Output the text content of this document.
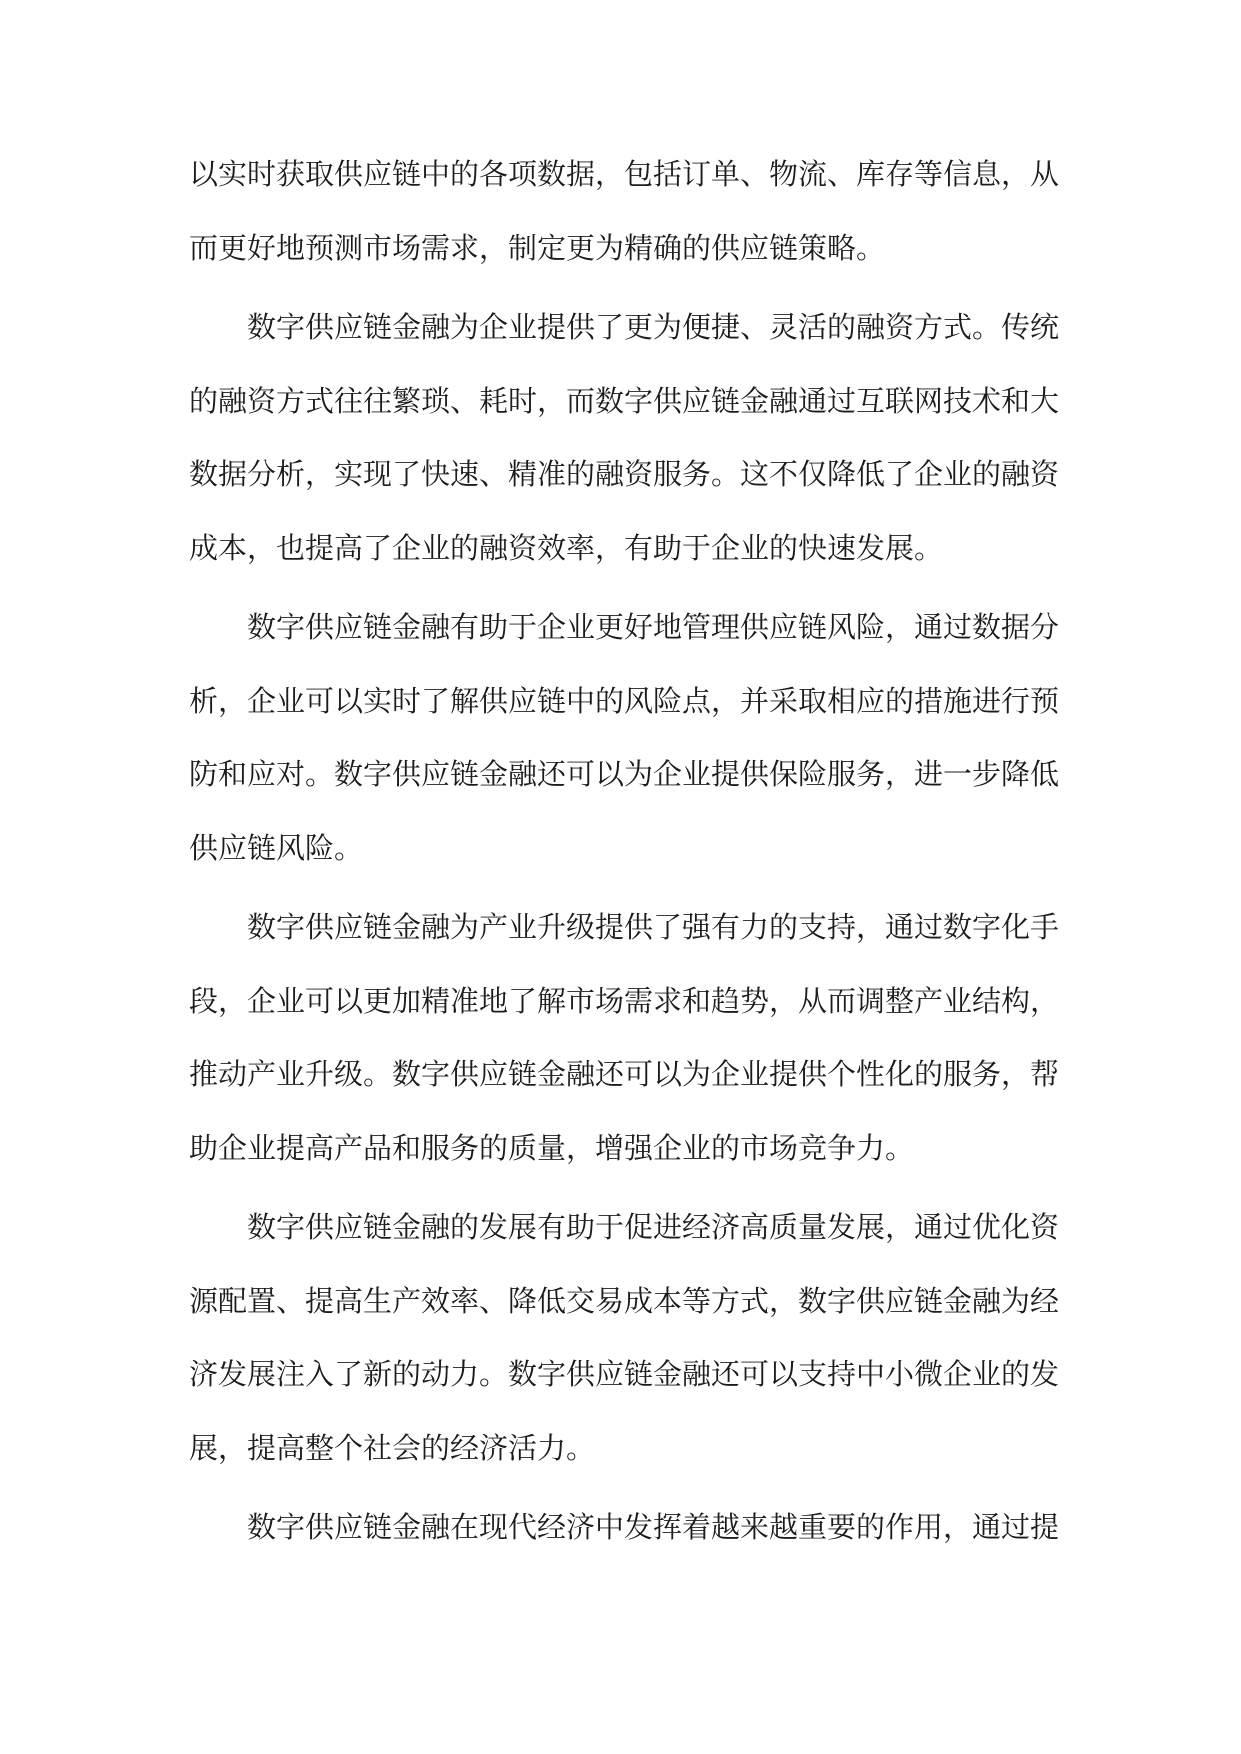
以实时获取供应链中的各项数据，包括订单、物流、库存等信息，从
而更好地预测市场需求，制定更为精确的供应链策略。
数字供应链金融为企业提供了更为便捷、灵活的融资方式。传统
的融资方式往往繁琐、耗时，而数字供应链金融通过互联网技术和大
数据分析，实现了快速、精准的融资服务。这不仅降低了企业的融资
成本，也提高了企业的融资效率，有助于企业的快速发展。
数字供应链金融有助于企业更好地管理供应链风险，通过数据分
析，企业可以实时了解供应链中的风险点，并采取相应的措施进行预
防和应对。数字供应链金融还可以为企业提供保险服务，进一步降低
供应链风险。
数字供应链金融为产业升级提供了强有力的支持，通过数字化手
段，企业可以更加精准地了解市场需求和趋势，从而调整产业结构，
推动产业升级。数字供应链金融还可以为企业提供个性化的服务，帮
助企业提高产品和服务的质量，增强企业的市场竞争力。
数字供应链金融的发展有助于促进经济高质量发展，通过优化资
源配置、提高生产效率、降低交易成本等方式，数字供应链金融为经
济发展注入了新的动力。数字供应链金融还可以支持中小微企业的发
展，提高整个社会的经济活力。
数字供应链金融在现代经济中发挥着越来越重要的作用，通过提
